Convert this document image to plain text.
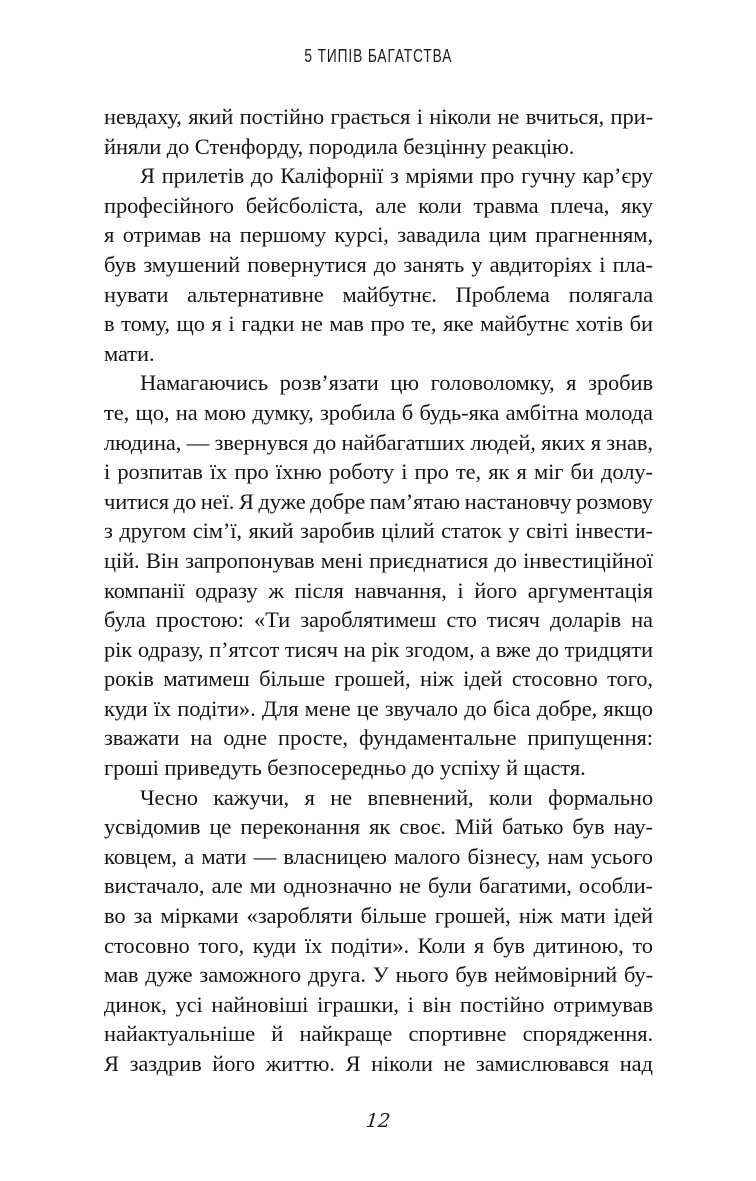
5 ТИПІВ БАГАТСТВА
невдаху, який постійно грається і ніколи не вчиться, при-
йняли до Стенфорду, породила безцінну реакцію.
Я прилетів до Каліфорнії з мріями про гучну кар’єру
професійного бейсболіста, але коли травма плеча, яку
я отримав на першому курсі, завадила цим прагненням,
був змушений повернутися до занять у авдиторіях і пла-
нувати альтернативне майбутнє. Проблема полягала
в тому, що я і гадки не мав про те, яке майбутнє хотів би
мати.
Намагаючись розв’язати цю головоломку, я зробив
те, що, на мою думку, зробила б будь-яка амбітна молода
людина, — звернувся до найбагатших людей, яких я знав,
і розпитав їх про їхню роботу і про те, як я міг би долу-
читися до неї. Я дуже добре пам’ятаю настановчу розмову
з другом сім’ї, який заробив цілий статок у світі інвести-
цій. Він запропонував мені приєднатися до інвестиційної
компанії одразу ж після навчання, і його аргументація
була простою: «Ти зароблятимеш сто тисяч доларів на
рік одразу, п’ятсот тисяч на рік згодом, а вже до тридцяти
років матимеш більше грошей, ніж ідей стосовно того,
куди їх подіти». Для мене це звучало до біса добре, якщо
зважати на одне просте, фундаментальне припущення:
гроші приведуть безпосередньо до успіху й щастя.
Чесно кажучи, я не впевнений, коли формально
усвідомив це переконання як своє. Мій батько був нау-
ковцем, а мати — власницею малого бізнесу, нам усього
вистачало, але ми однозначно не були багатими, особли-
во за мірками «заробляти більше грошей, ніж мати ідей
стосовно того, куди їх подіти». Коли я був дитиною, то
мав дуже заможного друга. У нього був неймовірний бу-
динок, усі найновіші іграшки, і він постійно отримував
найактуальніше й найкраще спортивне спорядження.
Я заздрив його життю. Я ніколи не замислювався над
12
